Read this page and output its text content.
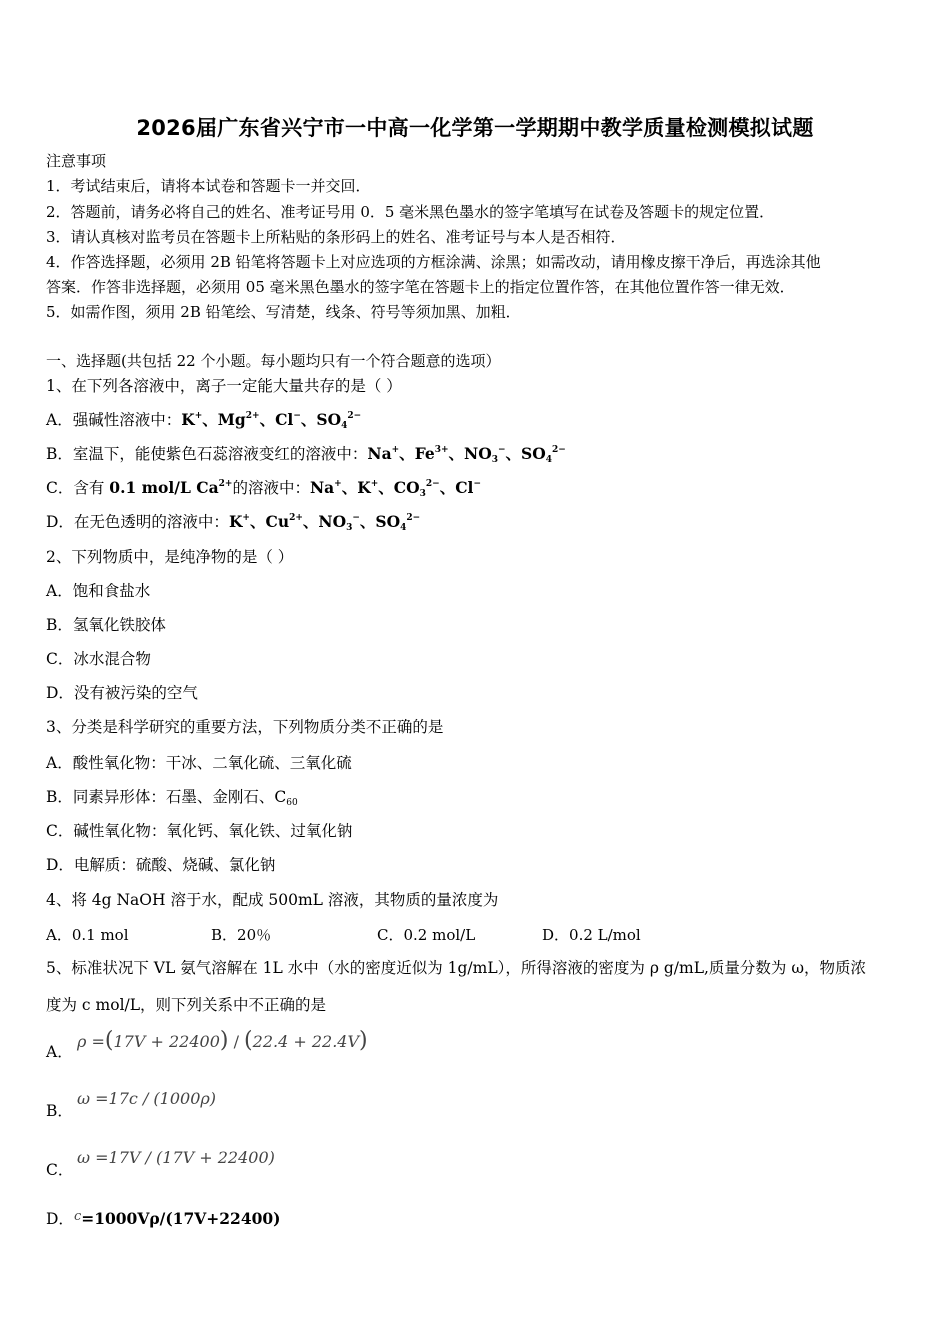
2026届广东省兴宁市一中高一化学第一学期期中教学质量检测模拟试题
注意事项
1．考试结束后，请将本试卷和答题卡一并交回．
2．答题前，请务必将自己的姓名、准考证号用 0．5 毫米黑色墨水的签字笔填写在试卷及答题卡的规定位置．
3．请认真核对监考员在答题卡上所粘贴的条形码上的姓名、准考证号与本人是否相符．
4．作答选择题，必须用 2B 铅笔将答题卡上对应选项的方框涂满、涂黑；如需改动，请用橡皮擦干净后，再选涂其他
答案．作答非选择题，必须用 05 毫米黑色墨水的签字笔在答题卡上的指定位置作答，在其他位置作答一律无效．
5．如需作图，须用 2B 铅笔绘、写清楚，线条、符号等须加黑、加粗．
一、选择题(共包括 22 个小题。每小题均只有一个符合题意的选项）
1、在下列各溶液中，离子一定能大量共存的是（ ）
A．强碱性溶液中：K+、$Mg^{2+}$、Cl−、$SO_4^{2-}$
B．室温下，能使紫色石蕊溶液变红的溶液中：Na+、$Fe^{3+}$、$NO_3^-$、$SO_4^{2-}$
C．含有 0.1 mol/L $Ca^{2+}$的溶液中：Na+、K+、$CO_3^{2-}$、Cl−
D．在无色透明的溶液中：K+、$Cu^{2+}$、$NO_3^-$、$SO_4^{2-}$
2、下列物质中，是纯净物的是（ ）
A．饱和食盐水
B．氢氧化铁胶体
C．冰水混合物
D．没有被污染的空气
3、分类是科学研究的重要方法，下列物质分类不正确的是
A．酸性氧化物：干冰、二氧化硫、三氧化硫
B．同素异形体：石墨、金刚石、$C_{60}$
C．碱性氧化物：氧化钙、氧化铁、过氧化钠
D．电解质：硫酸、烧碱、氯化钠
4、将 4g NaOH 溶于水，配成 500mL 溶液，其物质的量浓度为
A．0.1 mol	B．20％	C．0.2 mol/L	D．0.2 L/mol
5、标准状况下 VL 氨气溶解在 1L 水中（水的密度近似为 1g/mL），所得溶液的密度为 ρ g/mL,质量分数为 ω，物质浓
度为 c mol/L，则下列关系中不正确的是
A．
ρ =(17V + 22400) / (22.4 + 22.4V)
B．
ω =17c / (1000ρ)
C．
ω =17V / (17V + 22400)
D．$^c$=1000Vρ/(17V+22400)
